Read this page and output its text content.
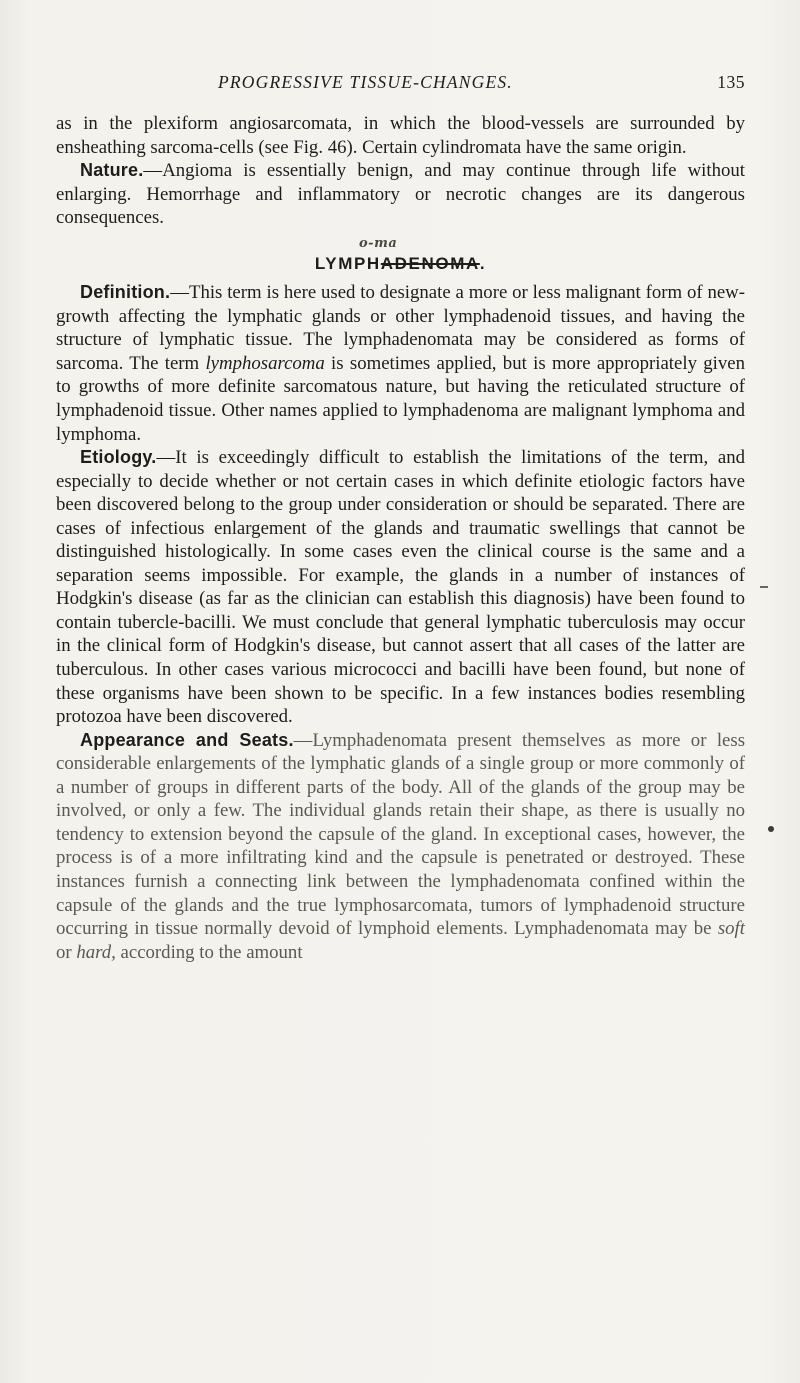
PROGRESSIVE TISSUE-CHANGES.	135

as in the plexiform angiosarcomata, in which the blood-vessels are surrounded by ensheathing sarcoma-cells (see Fig. 46). Certain cylindromata have the same origin.

Nature.—Angioma is essentially benign, and may continue through life without enlarging. Hemorrhage and inflammatory or necrotic changes are its dangerous consequences.

o-ma
LYMPHADENOMA.

Definition.—This term is here used to designate a more or less malignant form of new-growth affecting the lymphatic glands or other lymphadenoid tissues, and having the structure of lymphatic tissue. The lymphadenomata may be considered as forms of sarcoma. The term lymphosarcoma is sometimes applied, but is more appropriately given to growths of more definite sarcomatous nature, but having the reticulated structure of lymphadenoid tissue. Other names applied to lymphadenoma are malignant lymphoma and lymphoma.

Etiology.—It is exceedingly difficult to establish the limitations of the term, and especially to decide whether or not certain cases in which definite etiologic factors have been discovered belong to the group under consideration or should be separated. There are cases of infectious enlargement of the glands and traumatic swellings that cannot be distinguished histologically. In some cases even the clinical course is the same and a separation seems impossible. For example, the glands in a number of instances of Hodgkin's disease (as far as the clinician can establish this diagnosis) have been found to contain tubercle-bacilli. We must conclude that general lymphatic tuberculosis may occur in the clinical form of Hodgkin's disease, but cannot assert that all cases of the latter are tuberculous. In other cases various micrococci and bacilli have been found, but none of these organisms have been shown to be specific. In a few instances bodies resembling protozoa have been discovered.

Appearance and Seats.—Lymphadenomata present themselves as more or less considerable enlargements of the lymphatic glands of a single group or more commonly of a number of groups in different parts of the body. All of the glands of the group may be involved, or only a few. The individual glands retain their shape, as there is usually no tendency to extension beyond the capsule of the gland. In exceptional cases, however, the process is of a more infiltrating kind and the capsule is penetrated or destroyed. These instances furnish a connecting link between the lymphadenomata confined within the capsule of the glands and the true lymphosarcomata, tumors of lymphadenoid structure occurring in tissue normally devoid of lymphoid elements. Lymphadenomata may be soft or hard, according to the amount
